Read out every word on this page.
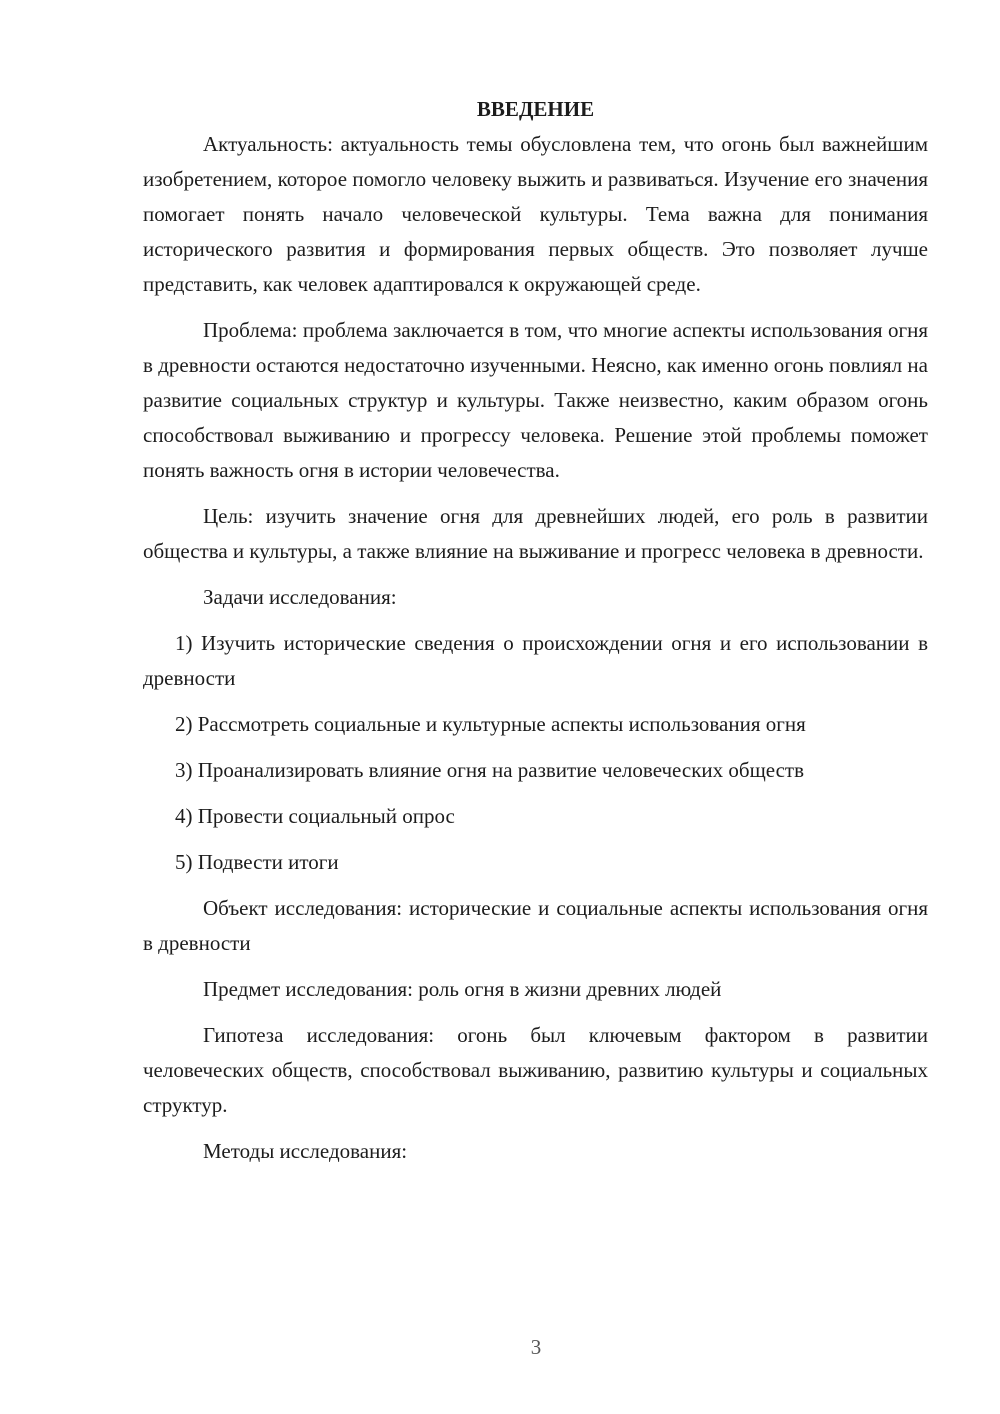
ВВЕДЕНИЕ

Актуальность: актуальность темы обусловлена тем, что огонь был важнейшим изобретением, которое помогло человеку выжить и развиваться. Изучение его значения помогает понять начало человеческой культуры. Тема важна для понимания исторического развития и формирования первых обществ. Это позволяет лучше представить, как человек адаптировался к окружающей среде.

Проблема: проблема заключается в том, что многие аспекты использования огня в древности остаются недостаточно изученными. Неясно, как именно огонь повлиял на развитие социальных структур и культуры. Также неизвестно, каким образом огонь способствовал выживанию и прогрессу человека. Решение этой проблемы поможет понять важность огня в истории человечества.

Цель: изучить значение огня для древнейших людей, его роль в развитии общества и культуры, а также влияние на выживание и прогресс человека в древности.

Задачи исследования:

1) Изучить исторические сведения о происхождении огня и его использовании в древности

2) Рассмотреть социальные и культурные аспекты использования огня

3) Проанализировать влияние огня на развитие человеческих обществ

4) Провести социальный опрос

5) Подвести итоги

Объект исследования: исторические и социальные аспекты использования огня в древности

Предмет исследования: роль огня в жизни древних людей

Гипотеза исследования: огонь был ключевым фактором в развитии человеческих обществ, способствовал выживанию, развитию культуры и социальных структур.

Методы исследования:

3
